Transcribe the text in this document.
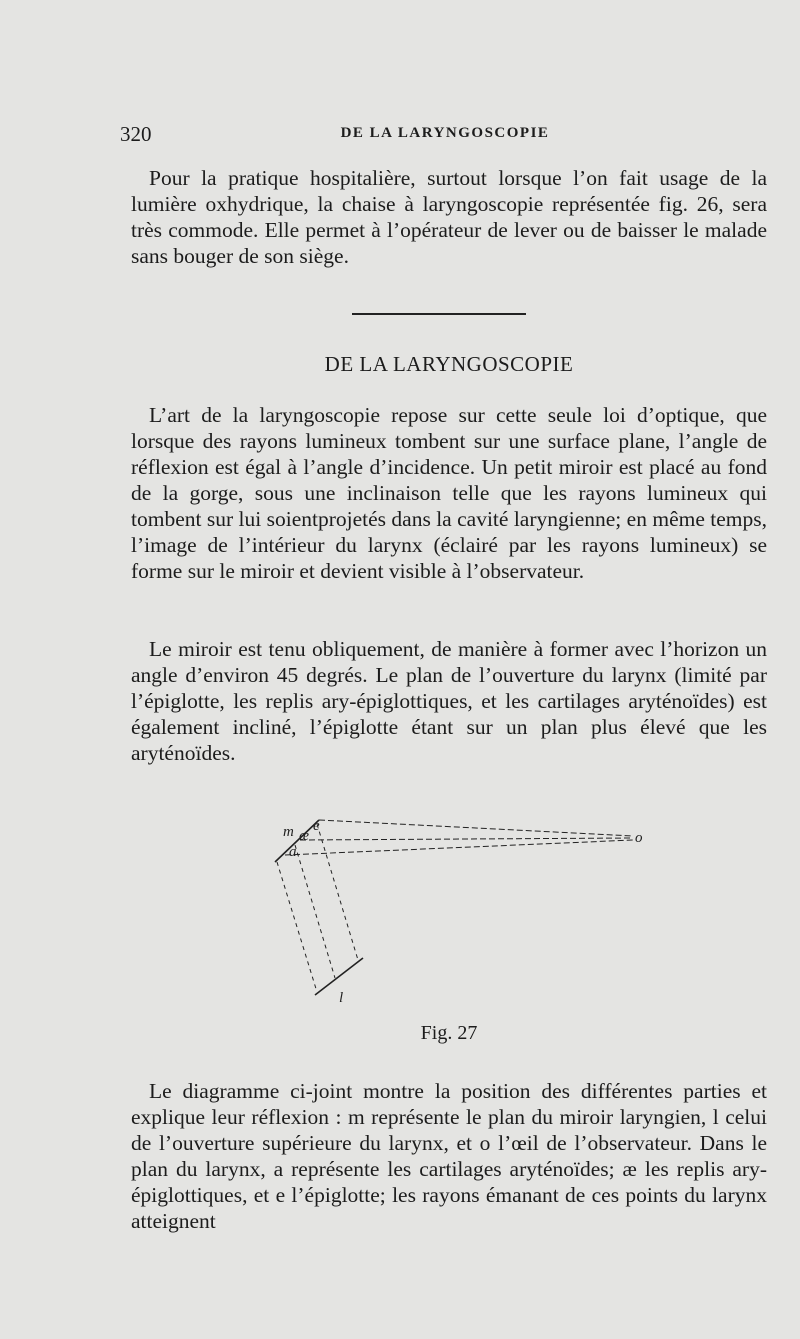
320	DE LA LARYNGOSCOPIE

Pour la pratique hospitalière, surtout lorsque l’on fait usage de la lumière oxhydrique, la chaise à laryngoscopie représentée fig. 26, sera très commode. Elle permet à l’opérateur de lever ou de baisser le malade sans bouger de son siège.

DE LA LARYNGOSCOPIE

L’art de la laryngoscopie repose sur cette seule loi d’optique, que lorsque des rayons lumineux tombent sur une surface plane, l’angle de réflexion est égal à l’angle d’incidence. Un petit miroir est placé au fond de la gorge, sous une inclinaison telle que les rayons lumineux qui tombent sur lui soientprojetés dans la cavité laryngienne; en même temps, l’image de l’intérieur du larynx (éclairé par les rayons lumineux) se forme sur le miroir et devient visible à l’observateur.

Le miroir est tenu obliquement, de manière à former avec l’horizon un angle d’environ 45 degrés. Le plan de l’ouverture du larynx (limité par l’épiglotte, les replis ary-épiglottiques, et les cartilages aryténoïdes) est également incliné, l’épiglotte étant sur un plan plus élevé que les aryténoïdes.

m
a
æ
e
o
l
Fig. 27

Le diagramme ci-joint montre la position des différentes parties et explique leur réflexion : m représente le plan du miroir laryngien, l celui de l’ouverture supérieure du larynx, et o l’œil de l’observateur. Dans le plan du larynx, a représente les cartilages aryténoïdes; æ les replis ary-épiglottiques, et e l’épiglotte; les rayons émanant de ces points du larynx atteignent
